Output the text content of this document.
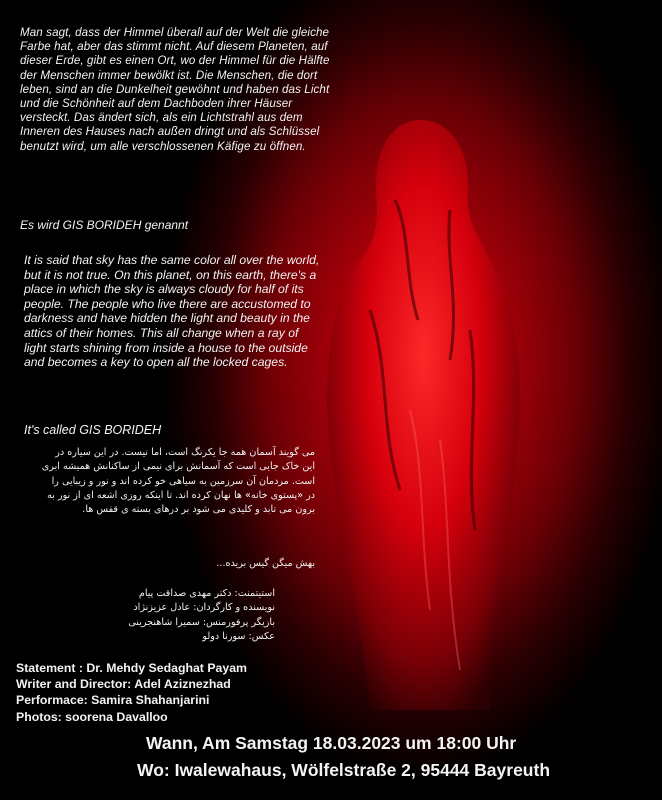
Man sagt, dass der Himmel überall auf der Welt die gleiche Farbe hat, aber das stimmt nicht. Auf diesem Planeten, auf dieser Erde, gibt es einen Ort, wo der Himmel für die Hälfte der Menschen immer bewölkt ist. Die Menschen, die dort leben, sind an die Dunkelheit gewöhnt und haben das Licht und die Schönheit auf dem Dachboden ihrer Häuser versteckt. Das ändert sich, als ein Lichtstrahl aus dem Inneren des Hauses nach außen dringt und als Schlüssel benutzt wird, um alle verschlossenen Käfige zu öffnen.
Es wird GIS BORIDEH genannt
It is said that sky has the same color all over the world, but it is not true. On this planet, on this earth, there's a place in which the sky is always cloudy for half of its people. The people who live there are accustomed to darkness and have hidden the light and beauty in the attics of their homes. This all change when a ray of light starts shining from inside a house to the outside and becomes a key to open all the locked cages.
It's called GIS BORIDEH
می گویند آسمان همه جا یکرنگ است، اما نیست. در این سیاره در این خاک جایی است که آسمانش برای نیمی از ساکنانش همیشه ابری است. مردمان آن سرزمین به سیاهی خو کرده اند و نور و زیبایی را در «پستوی خانه» ها نهان کرده اند. تا اینکه روزی اشعه ای از نور به برون می تابد و کلیدی می شود بر درهای بسته ی قفس ها.
بهش میگن گیس بریده...
استیتمنت: دکتر مهدی صداقت پیام
نویسنده و کارگردان: عادل عزیزنژاد
بازیگر پرفورمنس: سمیرا شاهنجرینی
عکس: سورنا دولو
Statement : Dr. Mehdy Sedaghat Payam
Writer and Director: Adel Aziznezhad
Performace: Samira Shahanjarini
Photos: soorena Davalloo
Wann, Am Samstag 18.03.2023 um 18:00 Uhr
Wo: Iwalewahaus, Wölfelstraße 2, 95444 Bayreuth
